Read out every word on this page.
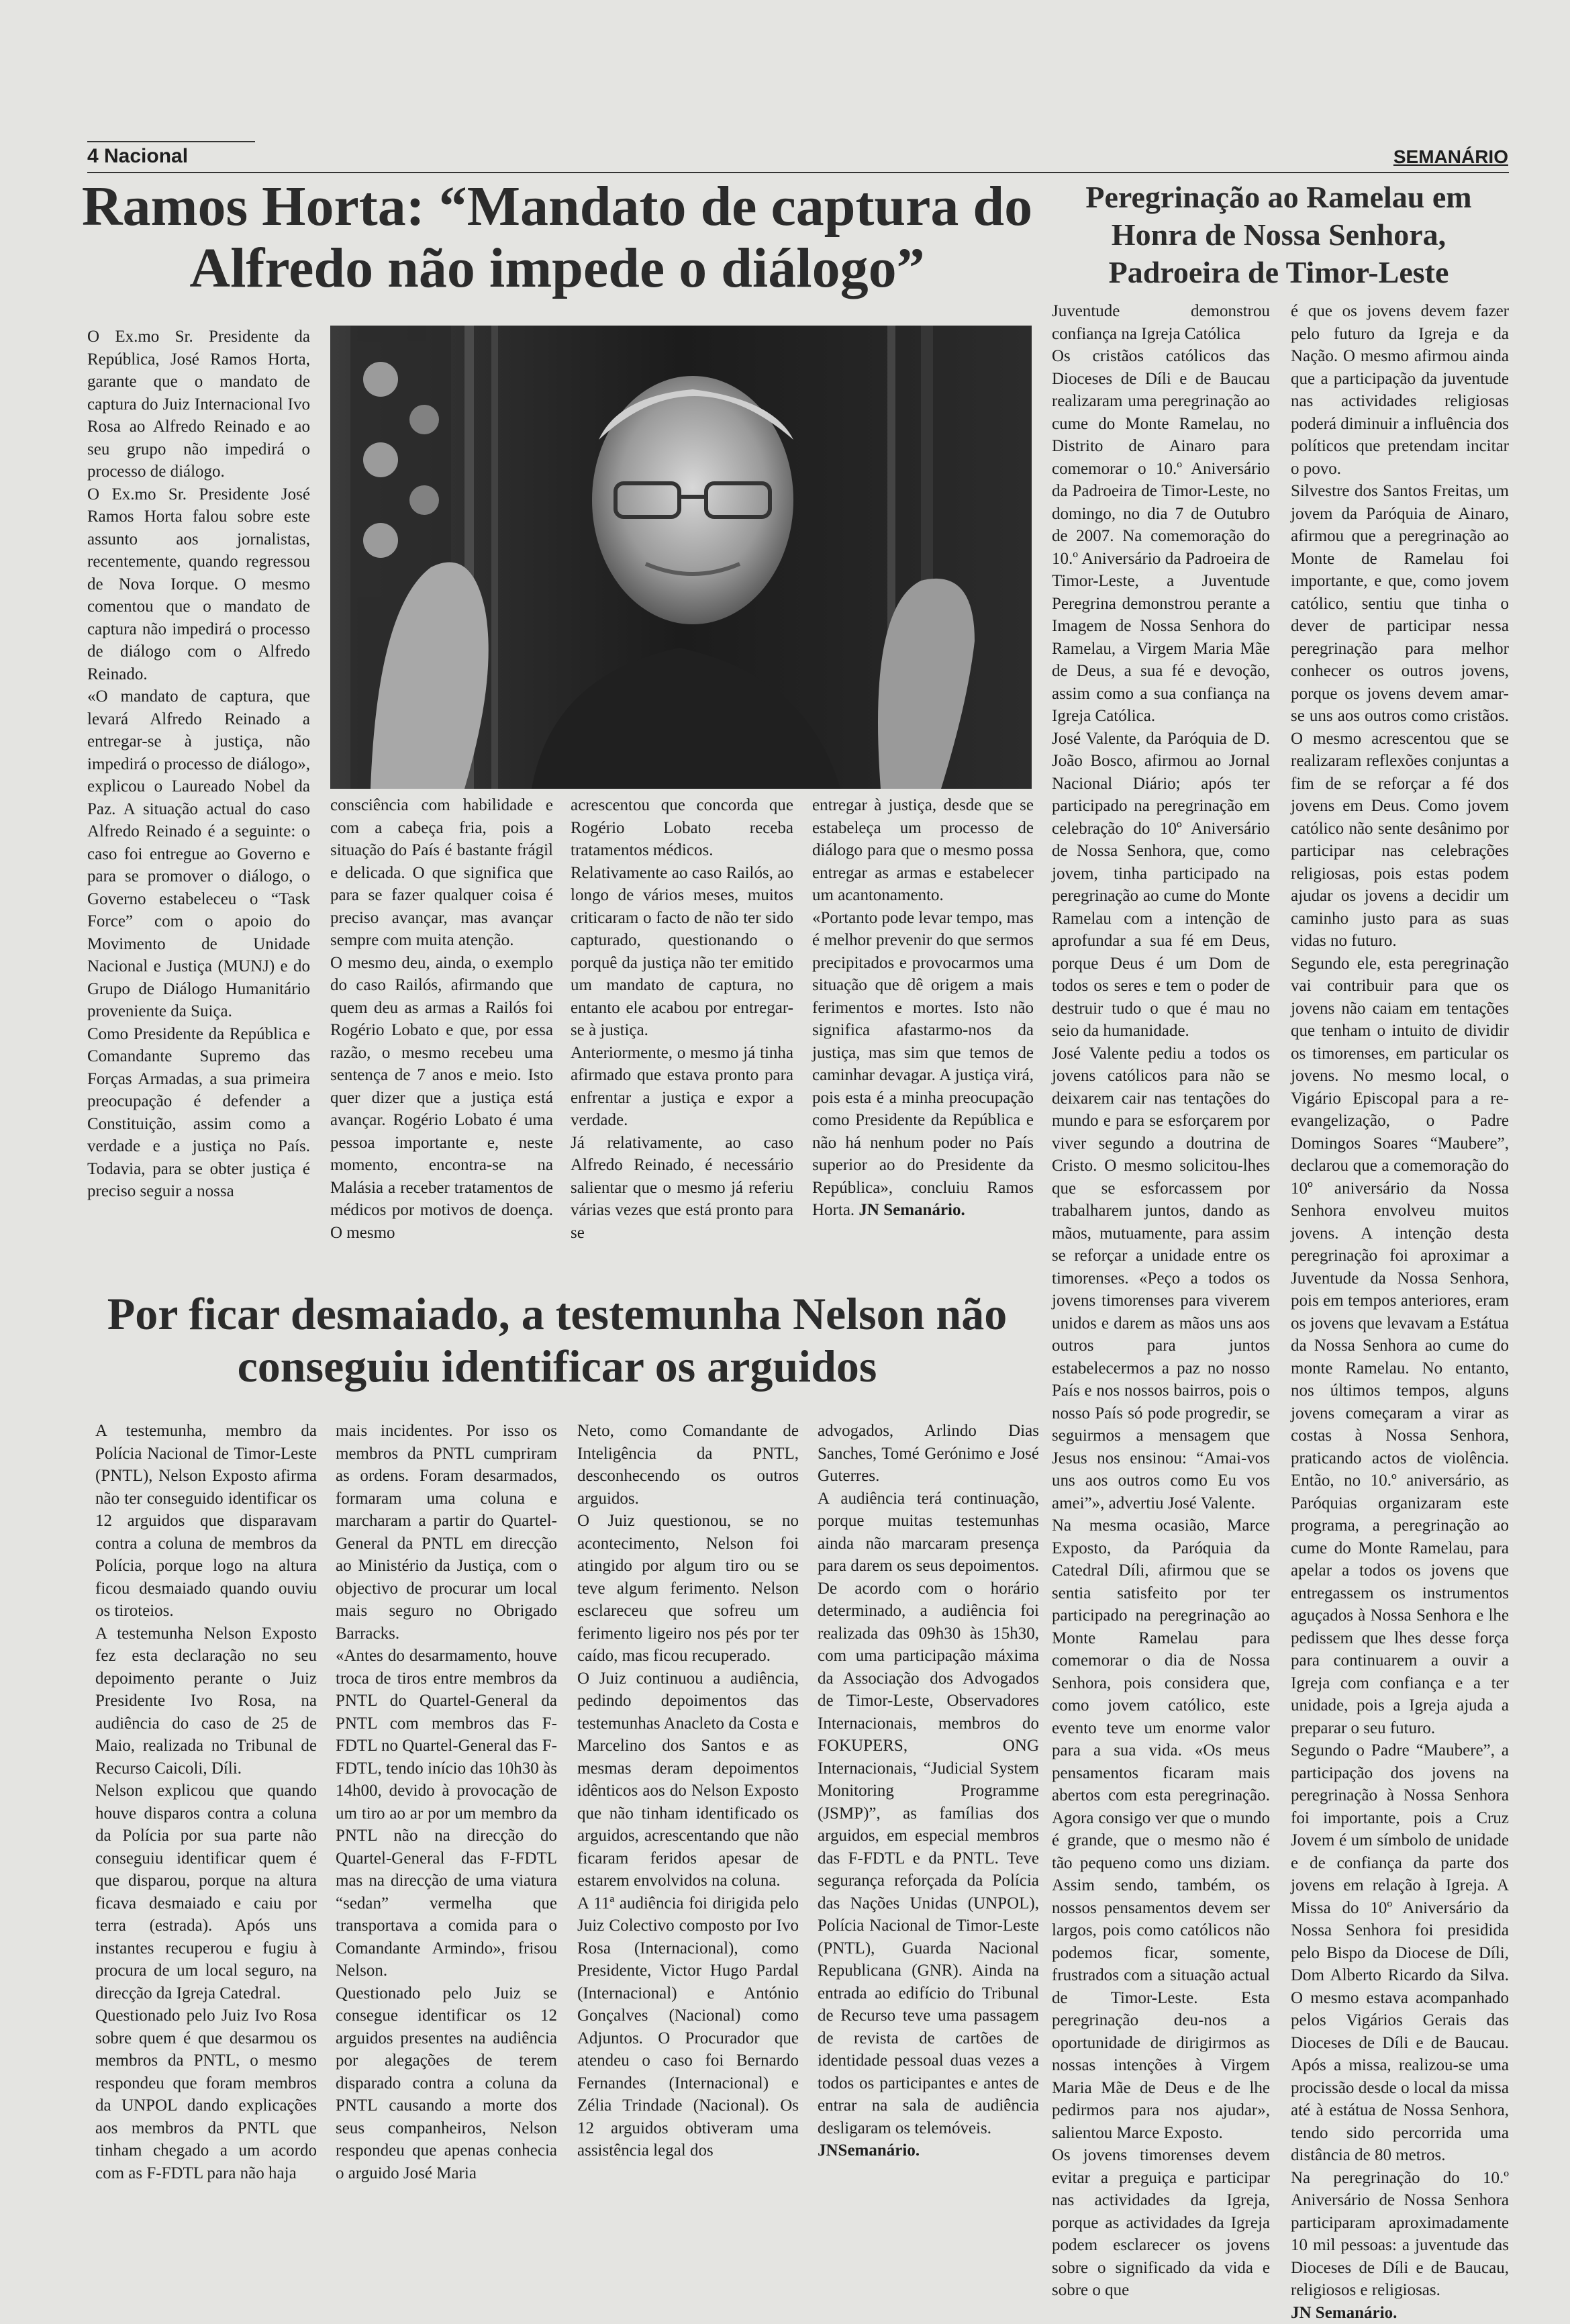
4 Nacional	SEMANÁRIO
Ramos Horta: “Mandato de captura do Alfredo não impede o diálogo”

O Ex.mo Sr. Presidente da República, José Ramos Horta, garante que o mandato de captura do Juiz Internacional Ivo Rosa ao Alfredo Reinado e ao seu grupo não impedirá o processo de diálogo.

O Ex.mo Sr. Presidente José Ramos Horta falou sobre este assunto aos jornalistas, recentemente, quando regressou de Nova Iorque. O mesmo comentou que o mandato de captura não impedirá o processo de diálogo com o Alfredo Reinado.

«O mandato de captura, que levará Alfredo Reinado a entregar-se à justiça, não impedirá o processo de diálogo», explicou o Laureado Nobel da Paz. A situação actual do caso Alfredo Reinado é a seguinte: o caso foi entregue ao Governo e para se promover o diálogo, o Governo estabeleceu o “Task Force” com o apoio do Movimento de Unidade Nacional e Justiça (MUNJ) e do Grupo de Diálogo Humanitário proveniente da Suiça.

Como Presidente da República e Comandante Supremo das Forças Armadas, a sua primeira preocupação é defender a Constituição, assim como a verdade e a justiça no País. Todavia, para se obter justiça é preciso seguir a nossa

consciência com habilidade e com a cabeça fria, pois a situação do País é bastante frágil e delicada. O que significa que para se fazer qualquer coisa é preciso avançar, mas avançar sempre com muita atenção.

O mesmo deu, ainda, o exemplo do caso Railós, afirmando que quem deu as armas a Railós foi Rogério Lobato e que, por essa razão, o mesmo recebeu uma sentença de 7 anos e meio. Isto quer dizer que a justiça está avançar. Rogério Lobato é uma pessoa importante e, neste momento, encontra-se na Malásia a receber tratamentos de médicos por motivos de doença. O mesmo

acrescentou que concorda que Rogério Lobato receba tratamentos médicos.

Relativamente ao caso Railós, ao longo de vários meses, muitos criticaram o facto de não ter sido capturado, questionando o porquê da justiça não ter emitido um mandato de captura, no entanto ele acabou por entregar-se à justiça.

Anteriormente, o mesmo já tinha afirmado que estava pronto para enfrentar a justiça e expor a verdade.

Já relativamente, ao caso Alfredo Reinado, é necessário salientar que o mesmo já referiu várias vezes que está pronto para se

entregar à justiça, desde que se estabeleça um processo de diálogo para que o mesmo possa entregar as armas e estabelecer um acantonamento.

«Portanto pode levar tempo, mas é melhor prevenir do que sermos precipitados e provocarmos uma situação que dê origem a mais ferimentos e mortes. Isto não significa afastarmo-nos da justiça, mas sim que temos de caminhar devagar. A justiça virá, pois esta é a minha preocupação como Presidente da República e não há nenhum poder no País superior ao do Presidente da República», concluiu Ramos Horta. JN Semanário.

Peregrinação ao Ramelau em Honra de Nossa Senhora, Padroeira de Timor-Leste

Juventude demonstrou confiança na Igreja Católica

Os cristãos católicos das Dioceses de Díli e de Baucau realizaram uma peregrinação ao cume do Monte Ramelau, no Distrito de Ainaro para comemorar o 10.º Aniversário da Padroeira de Timor-Leste, no domingo, no dia 7 de Outubro de 2007. Na comemoração do 10.º Aniversário da Padroeira de Timor-Leste, a Juventude Peregrina demonstrou perante a Imagem de Nossa Senhora do Ramelau, a Virgem Maria Mãe de Deus, a sua fé e devoção, assim como a sua confiança na Igreja Católica.

José Valente, da Paróquia de D. João Bosco, afirmou ao Jornal Nacional Diário; após ter participado na peregrinação em celebração do 10º Aniversário de Nossa Senhora, que, como jovem, tinha participado na peregrinação ao cume do Monte Ramelau com a intenção de aprofundar a sua fé em Deus, porque Deus é um Dom de todos os seres e tem o poder de destruir tudo o que é mau no seio da humanidade.

José Valente pediu a todos os jovens católicos para não se deixarem cair nas tentações do mundo e para se esforçarem por viver segundo a doutrina de Cristo. O mesmo solicitou-lhes que se esforcassem por trabalharem juntos, dando as mãos, mutuamente, para assim se reforçar a unidade entre os timorenses. «Peço a todos os jovens timorenses para viverem unidos e darem as mãos uns aos outros para juntos estabelecermos a paz no nosso País e nos nossos bairros, pois o nosso País só pode progredir, se seguirmos a mensagem que Jesus nos ensinou: “Amai-vos uns aos outros como Eu vos amei”», advertiu José Valente.

Na mesma ocasião, Marce Exposto, da Paróquia da Catedral Díli, afirmou que se sentia satisfeito por ter participado na peregrinação ao Monte Ramelau para comemorar o dia de Nossa Senhora, pois considera que, como jovem católico, este evento teve um enorme valor para a sua vida. «Os meus pensamentos ficaram mais abertos com esta peregrinação. Agora consigo ver que o mundo é grande, que o mesmo não é tão pequeno como uns diziam. Assim sendo, também, os nossos pensamentos devem ser largos, pois como católicos não podemos ficar, somente, frustrados com a situação actual de Timor-Leste. Esta peregrinação deu-nos a oportunidade de dirigirmos as nossas intenções à Virgem Maria Mãe de Deus e de lhe pedirmos para nos ajudar», salientou Marce Exposto.

Os jovens timorenses devem evitar a preguiça e participar nas actividades da Igreja, porque as actividades da Igreja podem esclarecer os jovens sobre o significado da vida e sobre o que

é que os jovens devem fazer pelo futuro da Igreja e da Nação. O mesmo afirmou ainda que a participação da juventude nas actividades religiosas poderá diminuir a influência dos políticos que pretendam incitar o povo.

Silvestre dos Santos Freitas, um jovem da Paróquia de Ainaro, afirmou que a peregrinação ao Monte de Ramelau foi importante, e que, como jovem católico, sentiu que tinha o dever de participar nessa peregrinação para melhor conhecer os outros jovens, porque os jovens devem amar-se uns aos outros como cristãos. O mesmo acrescentou que se realizaram reflexões conjuntas a fim de se reforçar a fé dos jovens em Deus. Como jovem católico não sente desânimo por participar nas celebrações religiosas, pois estas podem ajudar os jovens a decidir um caminho justo para as suas vidas no futuro.

Segundo ele, esta peregrinação vai contribuir para que os jovens não caiam em tentações que tenham o intuito de dividir os timorenses, em particular os jovens. No mesmo local, o Vigário Episcopal para a re-evangelização, o Padre Domingos Soares “Maubere”, declarou que a comemoração do 10º aniversário da Nossa Senhora envolveu muitos jovens. A intenção desta peregrinação foi aproximar a Juventude da Nossa Senhora, pois em tempos anteriores, eram os jovens que levavam a Estátua da Nossa Senhora ao cume do monte Ramelau. No entanto, nos últimos tempos, alguns jovens começaram a virar as costas à Nossa Senhora, praticando actos de violência. Então, no 10.º aniversário, as Paróquias organizaram este programa, a peregrinação ao cume do Monte Ramelau, para apelar a todos os jovens que entregassem os instrumentos aguçados à Nossa Senhora e lhe pedissem que lhes desse força para continuarem a ouvir a Igreja com confiança e a ter unidade, pois a Igreja ajuda a preparar o seu futuro.

Segundo o Padre “Maubere”, a participação dos jovens na peregrinação à Nossa Senhora foi importante, pois a Cruz Jovem é um símbolo de unidade e de confiança da parte dos jovens em relação à Igreja. A Missa do 10º Aniversário da Nossa Senhora foi presidida pelo Bispo da Diocese de Díli, Dom Alberto Ricardo da Silva. O mesmo estava acompanhado pelos Vigários Gerais das Dioceses de Díli e de Baucau. Após a missa, realizou-se uma procissão desde o local da missa até à estátua de Nossa Senhora, tendo sido percorrida uma distância de 80 metros.

Na peregrinação do 10.º Aniversário de Nossa Senhora participaram aproximadamente 10 mil pessoas: a juventude das Dioceses de Díli e de Baucau, religiosos e religiosas.
JN Semanário.

Por ficar desmaiado, a testemunha Nelson não conseguiu identificar os arguidos

A testemunha, membro da Polícia Nacional de Timor-Leste (PNTL), Nelson Exposto afirma não ter conseguido identificar os 12 arguidos que disparavam contra a coluna de membros da Polícia, porque logo na altura ficou desmaiado quando ouviu os tiroteios.

A testemunha Nelson Exposto fez esta declaração no seu depoimento perante o Juiz Presidente Ivo Rosa, na audiência do caso de 25 de Maio, realizada no Tribunal de Recurso Caicoli, Díli.

Nelson explicou que quando houve disparos contra a coluna da Polícia por sua parte não conseguiu identificar quem é que disparou, porque na altura ficava desmaiado e caiu por terra (estrada). Após uns instantes recuperou e fugiu à procura de um local seguro, na direcção da Igreja Catedral.

Questionado pelo Juiz Ivo Rosa sobre quem é que desarmou os membros da PNTL, o mesmo respondeu que foram membros da UNPOL dando explicações aos membros da PNTL que tinham chegado a um acordo com as F-FDTL para não haja

mais incidentes. Por isso os membros da PNTL cumpriram as ordens. Foram desarmados, formaram uma coluna e marcharam a partir do Quartel-General da PNTL em direcção ao Ministério da Justiça, com o objectivo de procurar um local mais seguro no Obrigado Barracks.

«Antes do desarmamento, houve troca de tiros entre membros da PNTL do Quartel-General da PNTL com membros das F-FDTL no Quartel-General das F-FDTL, tendo início das 10h30 às 14h00, devido à provocação de um tiro ao ar por um membro da PNTL não na direcção do Quartel-General das F-FDTL mas na direcção de uma viatura “sedan” vermelha que transportava a comida para o Comandante Armindo», frisou Nelson.

Questionado pelo Juiz se consegue identificar os 12 arguidos presentes na audiência por alegações de terem disparado contra a coluna da PNTL causando a morte dos seus companheiros, Nelson respondeu que apenas conhecia o arguido José Maria

Neto, como Comandante de Inteligência da PNTL, desconhecendo os outros arguidos.

O Juiz questionou, se no acontecimento, Nelson foi atingido por algum tiro ou se teve algum ferimento. Nelson esclareceu que sofreu um ferimento ligeiro nos pés por ter caído, mas ficou recuperado.

O Juiz continuou a audiência, pedindo depoimentos das testemunhas Anacleto da Costa e Marcelino dos Santos e as mesmas deram depoimentos idênticos aos do Nelson Exposto que não tinham identificado os arguidos, acrescentando que não ficaram feridos apesar de estarem envolvidos na coluna.

A 11ª audiência foi dirigida pelo Juiz Colectivo composto por Ivo Rosa (Internacional), como Presidente, Victor Hugo Pardal (Internacional) e António Gonçalves (Nacional) como Adjuntos. O Procurador que atendeu o caso foi Bernardo Fernandes (Internacional) e Zélia Trindade (Nacional). Os 12 arguidos obtiveram uma assistência legal dos

advogados, Arlindo Dias Sanches, Tomé Gerónimo e José Guterres.

A audiência terá continuação, porque muitas testemunhas ainda não marcaram presença para darem os seus depoimentos. De acordo com o horário determinado, a audiência foi realizada das 09h30 às 15h30, com uma participação máxima da Associação dos Advogados de Timor-Leste, Observadores Internacionais, membros do FOKUPERS, ONG Internacionais, “Judicial System Monitoring Programme (JSMP)”, as famílias dos arguidos, em especial membros das F-FDTL e da PNTL. Teve segurança reforçada da Polícia das Nações Unidas (UNPOL), Polícia Nacional de Timor-Leste (PNTL), Guarda Nacional Republicana (GNR). Ainda na entrada ao edifício do Tribunal de Recurso teve uma passagem de revista de cartões de identidade pessoal duas vezes a todos os participantes e antes de entrar na sala de audiência desligaram os telemóveis.

JNSemanário.
